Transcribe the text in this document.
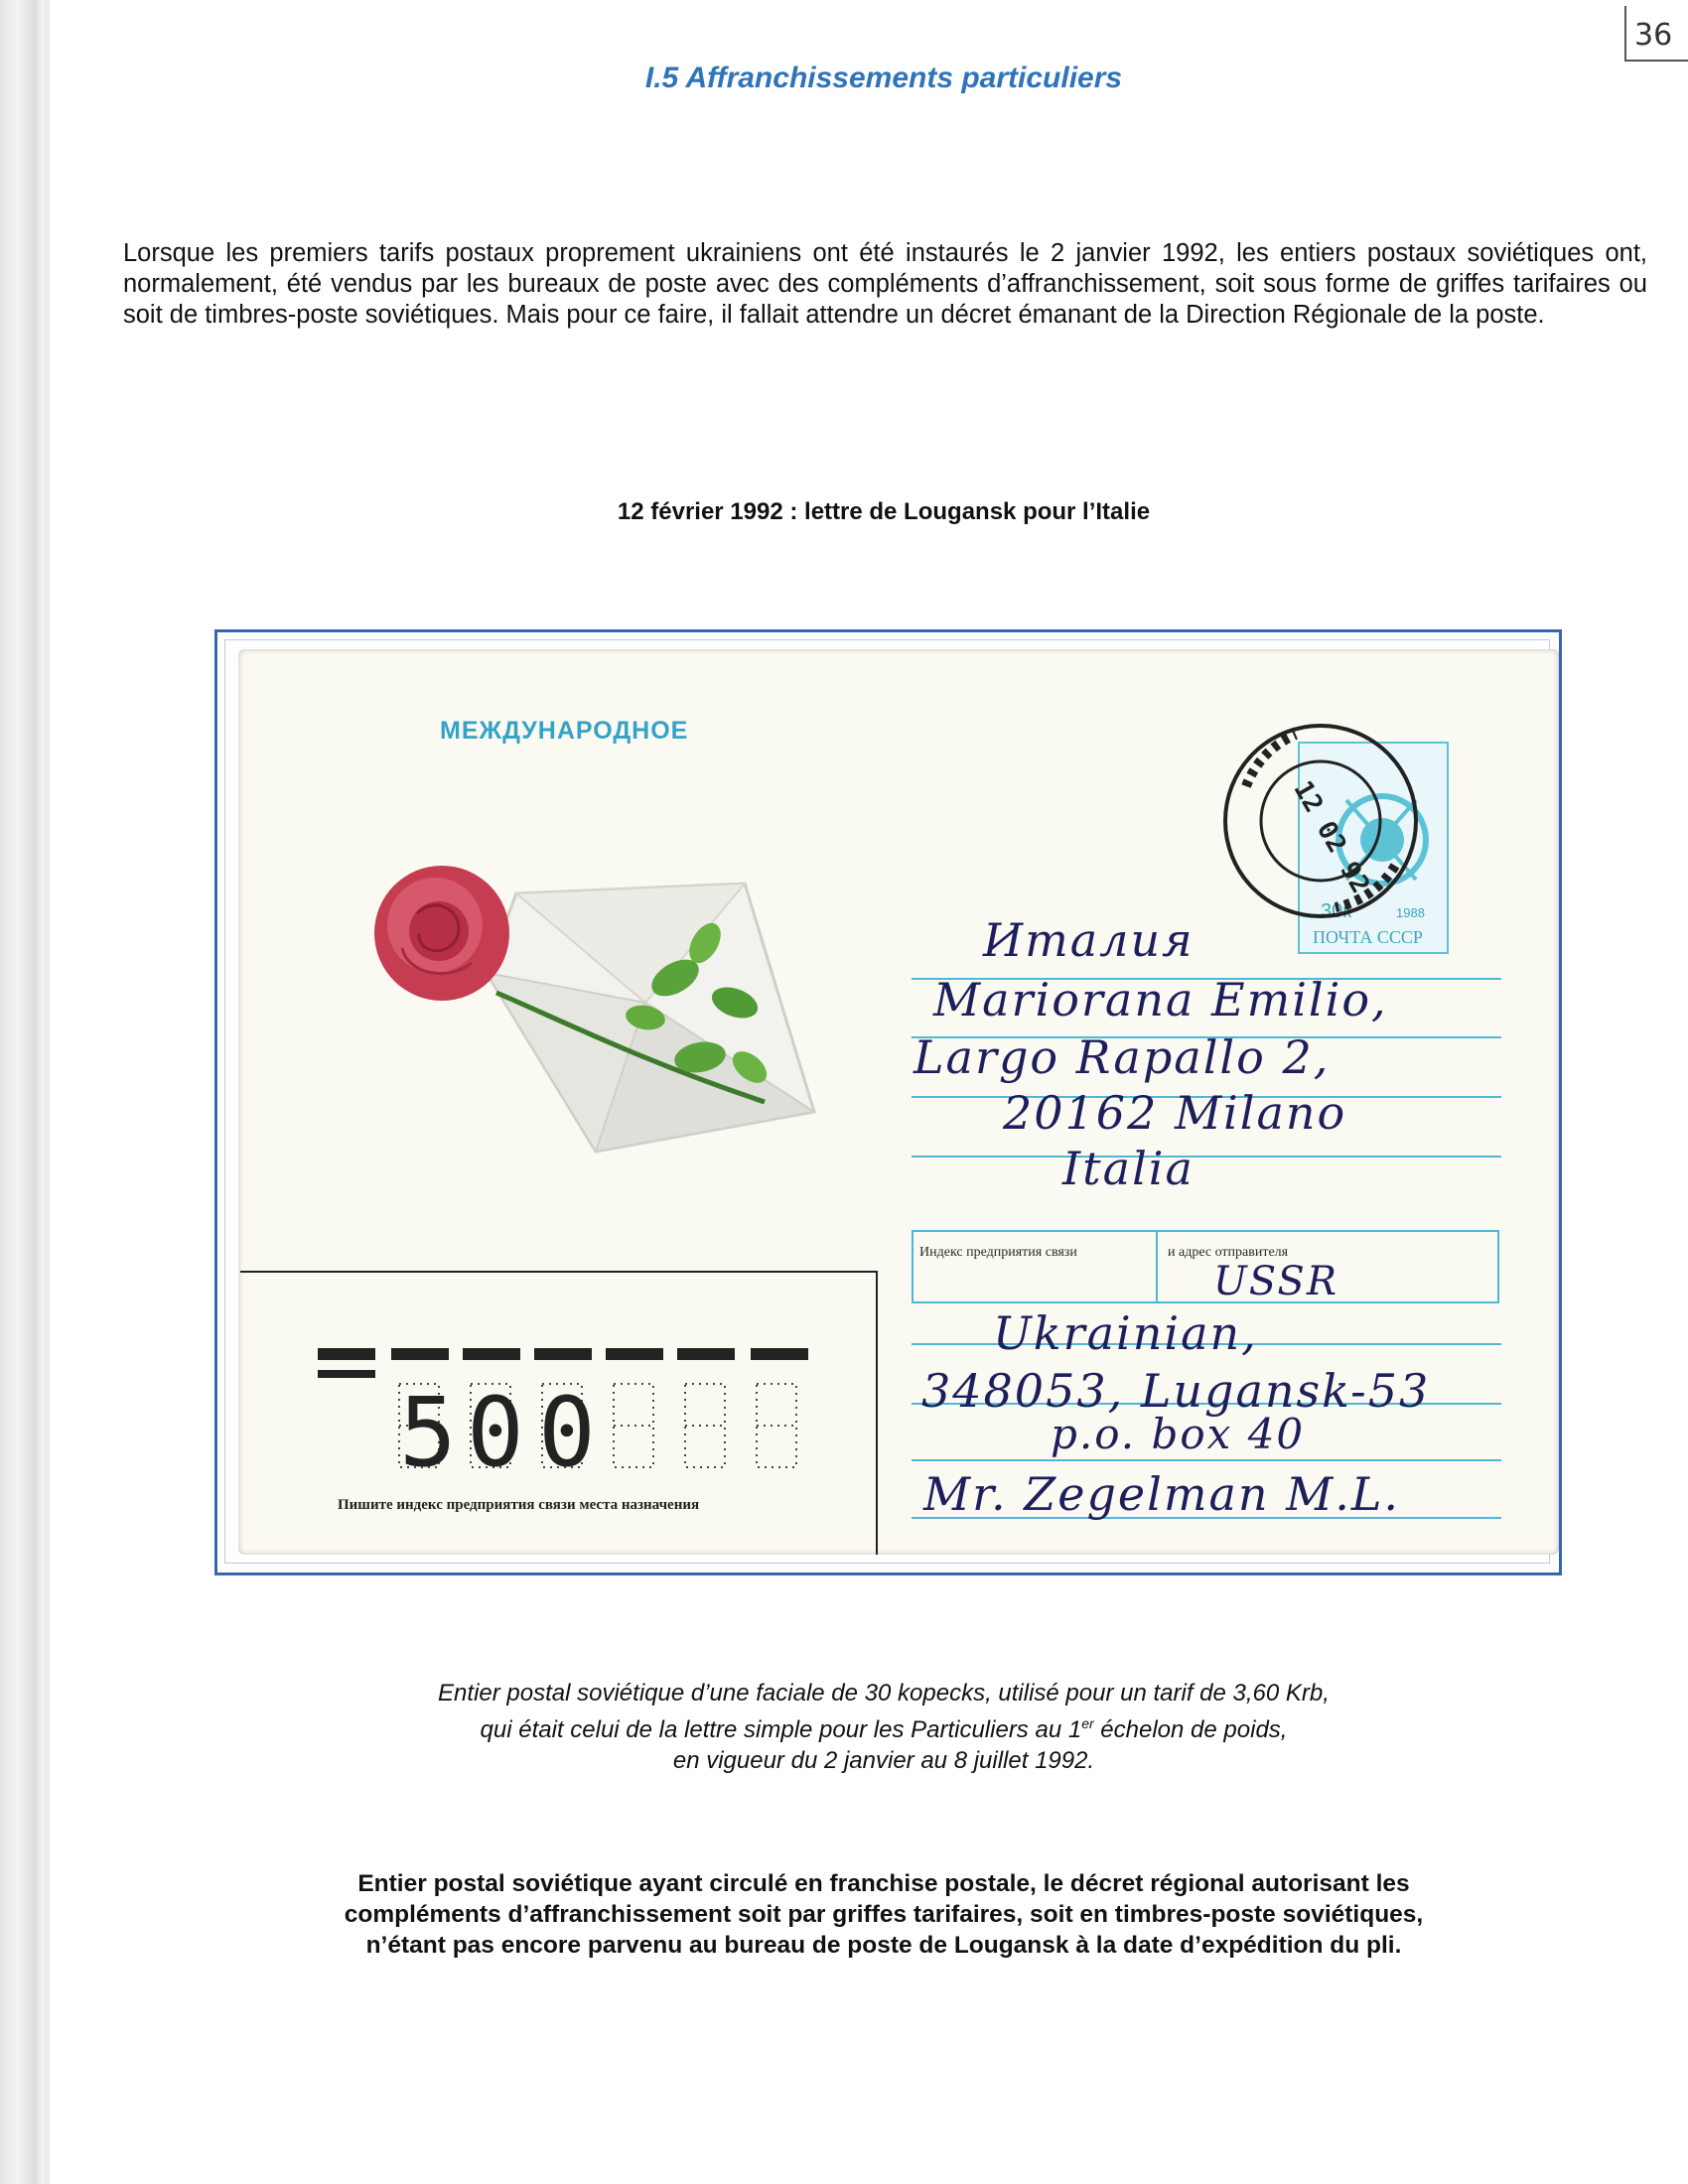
36
I.5 Affranchissements particuliers
Lorsque les premiers tarifs postaux proprement ukrainiens ont été instaurés le 2 janvier 1992, les entiers postaux soviétiques ont, normalement, été vendus par les bureaux de poste avec des compléments d’affranchissement, soit sous forme de griffes tarifaires ou soit de timbres-poste soviétiques. Mais pour ce faire, il fallait attendre un décret émanant de la Direction Régionale de la poste.
12 février 1992 : lettre de Lougansk pour l’Italie
МЕЖДУНАРОДНОЕ
30к	1988
ПОЧТА СССР
12 02 92
Италия
Mariorana Emilio,
Largo Rapallo 2,
20162 Milano
Italia
Индекс предприятия связи	и адрес отправителя
USSR
Ukrainian,
348053, Lugansk-53
p.o. box 40
Mr. Zegelman M.L.
5 0 0
Пишите индекс предприятия связи места назначения
Entier postal soviétique d’une faciale de 30 kopecks, utilisé pour un tarif de 3,60 Krb,
qui était celui de la lettre simple pour les Particuliers au 1er échelon de poids,
en vigueur du 2 janvier au 8 juillet 1992.
Entier postal soviétique ayant circulé en franchise postale, le décret régional autorisant les
compléments d’affranchissement soit par griffes tarifaires, soit en timbres-poste soviétiques,
n’étant pas encore parvenu au bureau de poste de Lougansk à la date d’expédition du pli.
